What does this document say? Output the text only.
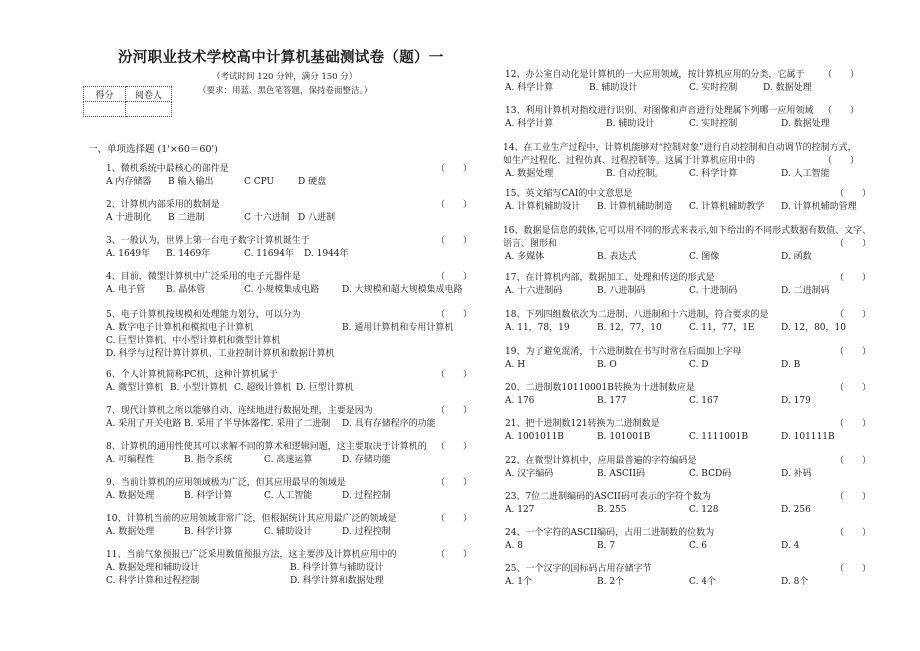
汾河职业技术学校高中计算机基础测试卷（题）一
（考试时间 120 分钟，满分 150 分）
（要求：用蓝、黑色笔答题，保持卷面整洁。）
得分	阅卷人

一、单项选择题 (1'×60＝60')
1、微机系统中最核心的部件是	（　　）
A 内存储器 B 输入输出	C CPU	D 硬盘
2、计算机内部采用的数制是	（　　）
A 十进制化 B 二进制	C 十六进制 D 八进制
3、一般认为，世界上第一台电子数字计算机诞生于	（　　）
A. 1649年 B. 1469年	C. 11694年 D. 1944年
4、目前，微型计算机中广泛采用的电子元器件是	（　　）
A. 电子管 B. 晶体管	C. 小规模集成电路	D. 大规模和超大规模集成电路
5、电子计算机按规模和处理能力划分，可以分为	（　　）
A. 数字电子计算机和模拟电子计算机	B. 通用计算机和专用计算机
C. 巨型计算机、中小型计算机和微型计算机
D. 科学与过程计算计算机、工业控制计算机和数据计算机
6、个人计算机简称PC机，这种计算机属于	（　　）
A. 微型计算机 B. 小型计算机 C. 超级计算机 D. 巨型计算机
7、现代计算机之所以能够自动、连续地进行数据处理，主要是因为	（　　）
A. 采用了开关电路 B. 采用了半导体器件
C. 采用了二进制 D. 具有存储程序的功能
8、计算机的通用性使其可以求解不同的算术和逻辑问题，这主要取决于计算机的 （　　）
A. 可编程性	B. 指令系统	C. 高速运算	D. 存储功能
9、当前计算机的应用领域极为广泛，但其应用最早的领域是	（　　）
A. 数据处理	B. 科学计算	C. 人工智能	D. 过程控制
10、计算机当前的应用领域非常广泛，但根据统计其应用最广泛的领域是	（　　）
A. 数据处理	B. 科学计算	C. 辅助设计	D. 过程控制
11、当前气象预报已广泛采用数值预报方法，这主要涉及计算机应用中的	（　　）
A. 数据处理和辅助设计	B. 科学计算与辅助设计
C. 科学计算和过程控制	D. 科学计算和数据处理
12、办公室自动化是计算机的一大应用领域，按计算机应用的分类，它属于 （　　）
A. 科学计算	B. 辅助设计	C. 实时控制	D. 数据处理
13、利用计算机对指纹进行识别、对图像和声音进行处理属下列哪一应用领域 （　　）
A. 科学计算	B. 辅助设计	C. 实时控制	D. 数据处理
14、在工业生产过程中，计算机能够对“控制对象”进行自动控制和自动调节的控制方式，
如生产过程化、过程仿真、过程控制等。这属于计算机应用中的	（　　）
A. 数据处理	B. 自动控制。	C. 科学计算	D. 人工智能
15、英文缩写CAI的中文意思是	（　　）
A. 计算机辅助设计 B. 计算机辅助制造 C. 计算机辅助教学 D. 计算机辅助管理
16、数据是信息的载体,它可以用不同的形式来表示,如下给出的不同形式数据有数值、文字、
语言、图形和	（　　）
A. 多媒体	B. 表达式	C. 图像	D. 函数
17、在计算机内部，数据加工、处理和传送的形式是	（　　）
A. 十六进制码	B. 八进制码	C. 十进制码	D. 二进制码
18、下列四组数依次为二进制、八进制和十六进制，符合要求的是	（　　）
A. 11，78，19	B. 12，77，10	C. 11，77，1E	D. 12，80，10
19、为了避免混淆，十六进制数在书写时常在后面加上字母	（　　）
A. H	B. O	C. D	D. B
20、二进制数10110001B转换为十进制数应是	（　　）
A. 176	B. 177	C. 167	D. 179
21、把十进制数121转换为二进制数是	（　　）
A. 1001011B	B. 101001B	C. 1111001B	D. 101111B
22、在微型计算机中，应用最普遍的字符编码是	（　　）
A. 汉字编码	B. ASCII码	C. BCD码	D. 补码
23、7位二进制编码的ASCII码可表示的字符个数为	（　　）
A. 127	B. 255	C. 128	D. 256
24、一个字符的ASCII编码，占用二进制数的位数为	（　　）
A. 8	B. 7	C. 6	D. 4
25、一个汉字的国标码占用存储字节	（　　）
A. 1个	B. 2个	C. 4个	D. 8个
